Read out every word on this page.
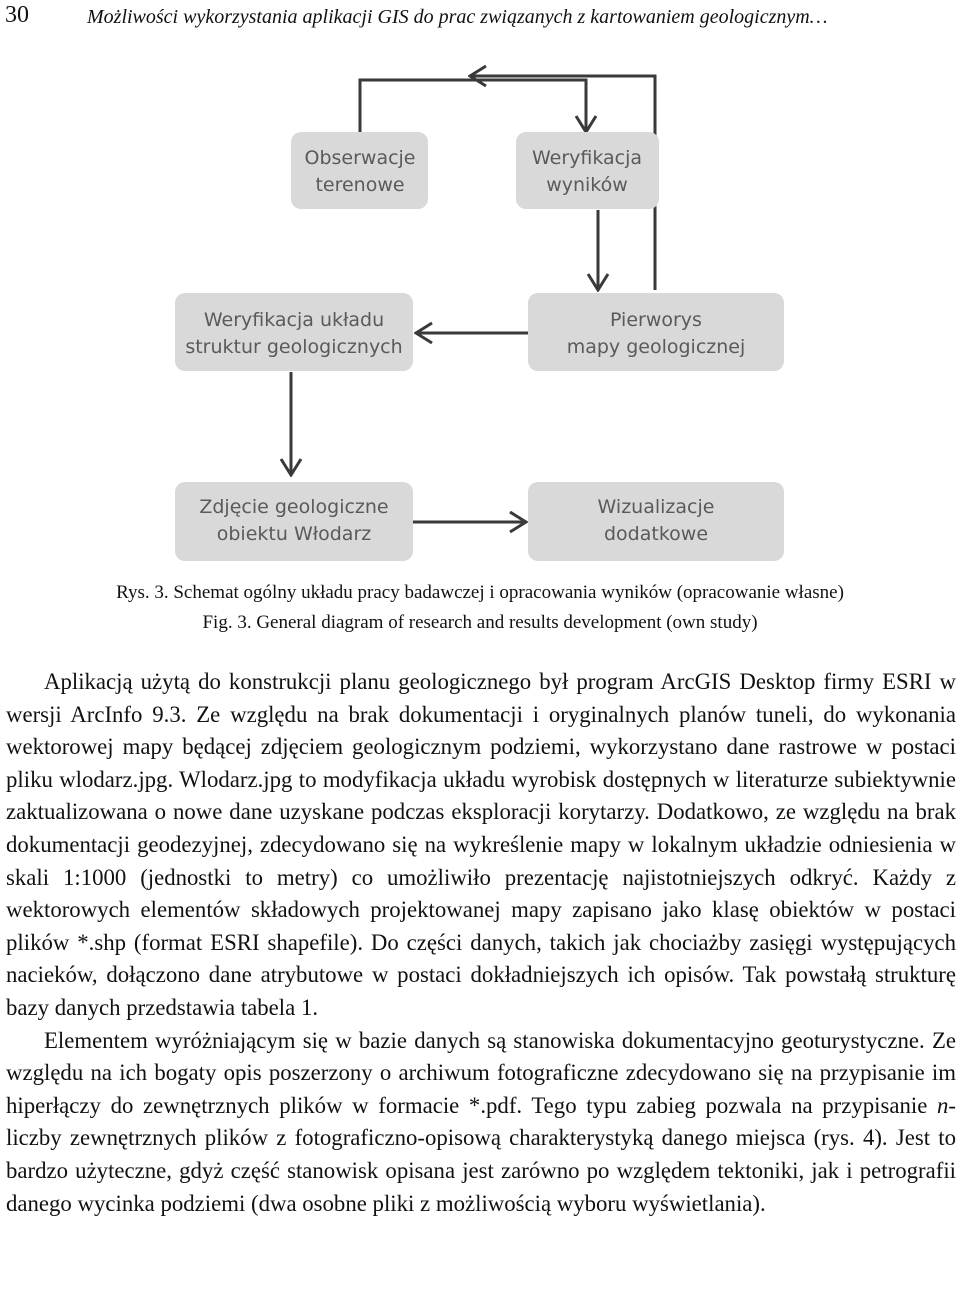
30	Możliwości wykorzystania aplikacji GIS do prac związanych z kartowaniem geologicznym…
Obserwacje
terenowe
Weryfikacja
wyników
Weryfikacja układu
struktur geologicznych
Pierworys
mapy geologicznej
Zdjęcie geologiczne
obiektu Włodarz
Wizualizacje
dodatkowe
Rys. 3. Schemat ogólny układu pracy badawczej i opracowania wyników (opracowanie własne)
Fig. 3. General diagram of research and results development (own study)

Aplikacją użytą do konstrukcji planu geologicznego był program ArcGIS Desktop firmy ESRI w wersji ArcInfo 9.3. Ze względu na brak dokumentacji i oryginalnych planów tuneli, do wykonania wektorowej mapy będącej zdjęciem geologicznym podziemi, wykorzystano dane rastrowe w postaci pliku wlodarz.jpg. Wlodarz.jpg to modyfikacja układu wyrobisk dostępnych w literaturze subiektywnie zaktualizowana o nowe dane uzyskane podczas eksploracji korytarzy. Dodatkowo, ze względu na brak dokumentacji geodezyjnej, zdecydowano się na wykreślenie mapy w lokalnym układzie odniesienia w skali 1:1000 (jednostki to metry) co umożliwiło prezentację najistotniejszych odkryć. Każdy z wektorowych elementów składowych projektowanej mapy zapisano jako klasę obiektów w postaci plików *.shp (format ESRI shapefile). Do części danych, takich jak chociażby zasięgi występujących nacieków, dołączono dane atrybutowe w postaci dokładniejszych ich opisów. Tak powstałą strukturę bazy danych przedstawia tabela 1.

Elementem wyróżniającym się w bazie danych są stanowiska dokumentacyjno geoturystyczne. Ze względu na ich bogaty opis poszerzony o archiwum fotograficzne zdecydowano się na przypisanie im hiperłączy do zewnętrznych plików w formacie *.pdf. Tego typu zabieg pozwala na przypisanie n-liczby zewnętrznych plików z fotograficzno-opisową charakterystyką danego miejsca (rys. 4). Jest to bardzo użyteczne, gdyż część stanowisk opisana jest zarówno po względem tektoniki, jak i petrografii danego wycinka podziemi (dwa osobne pliki z możliwością wyboru wyświetlania).
